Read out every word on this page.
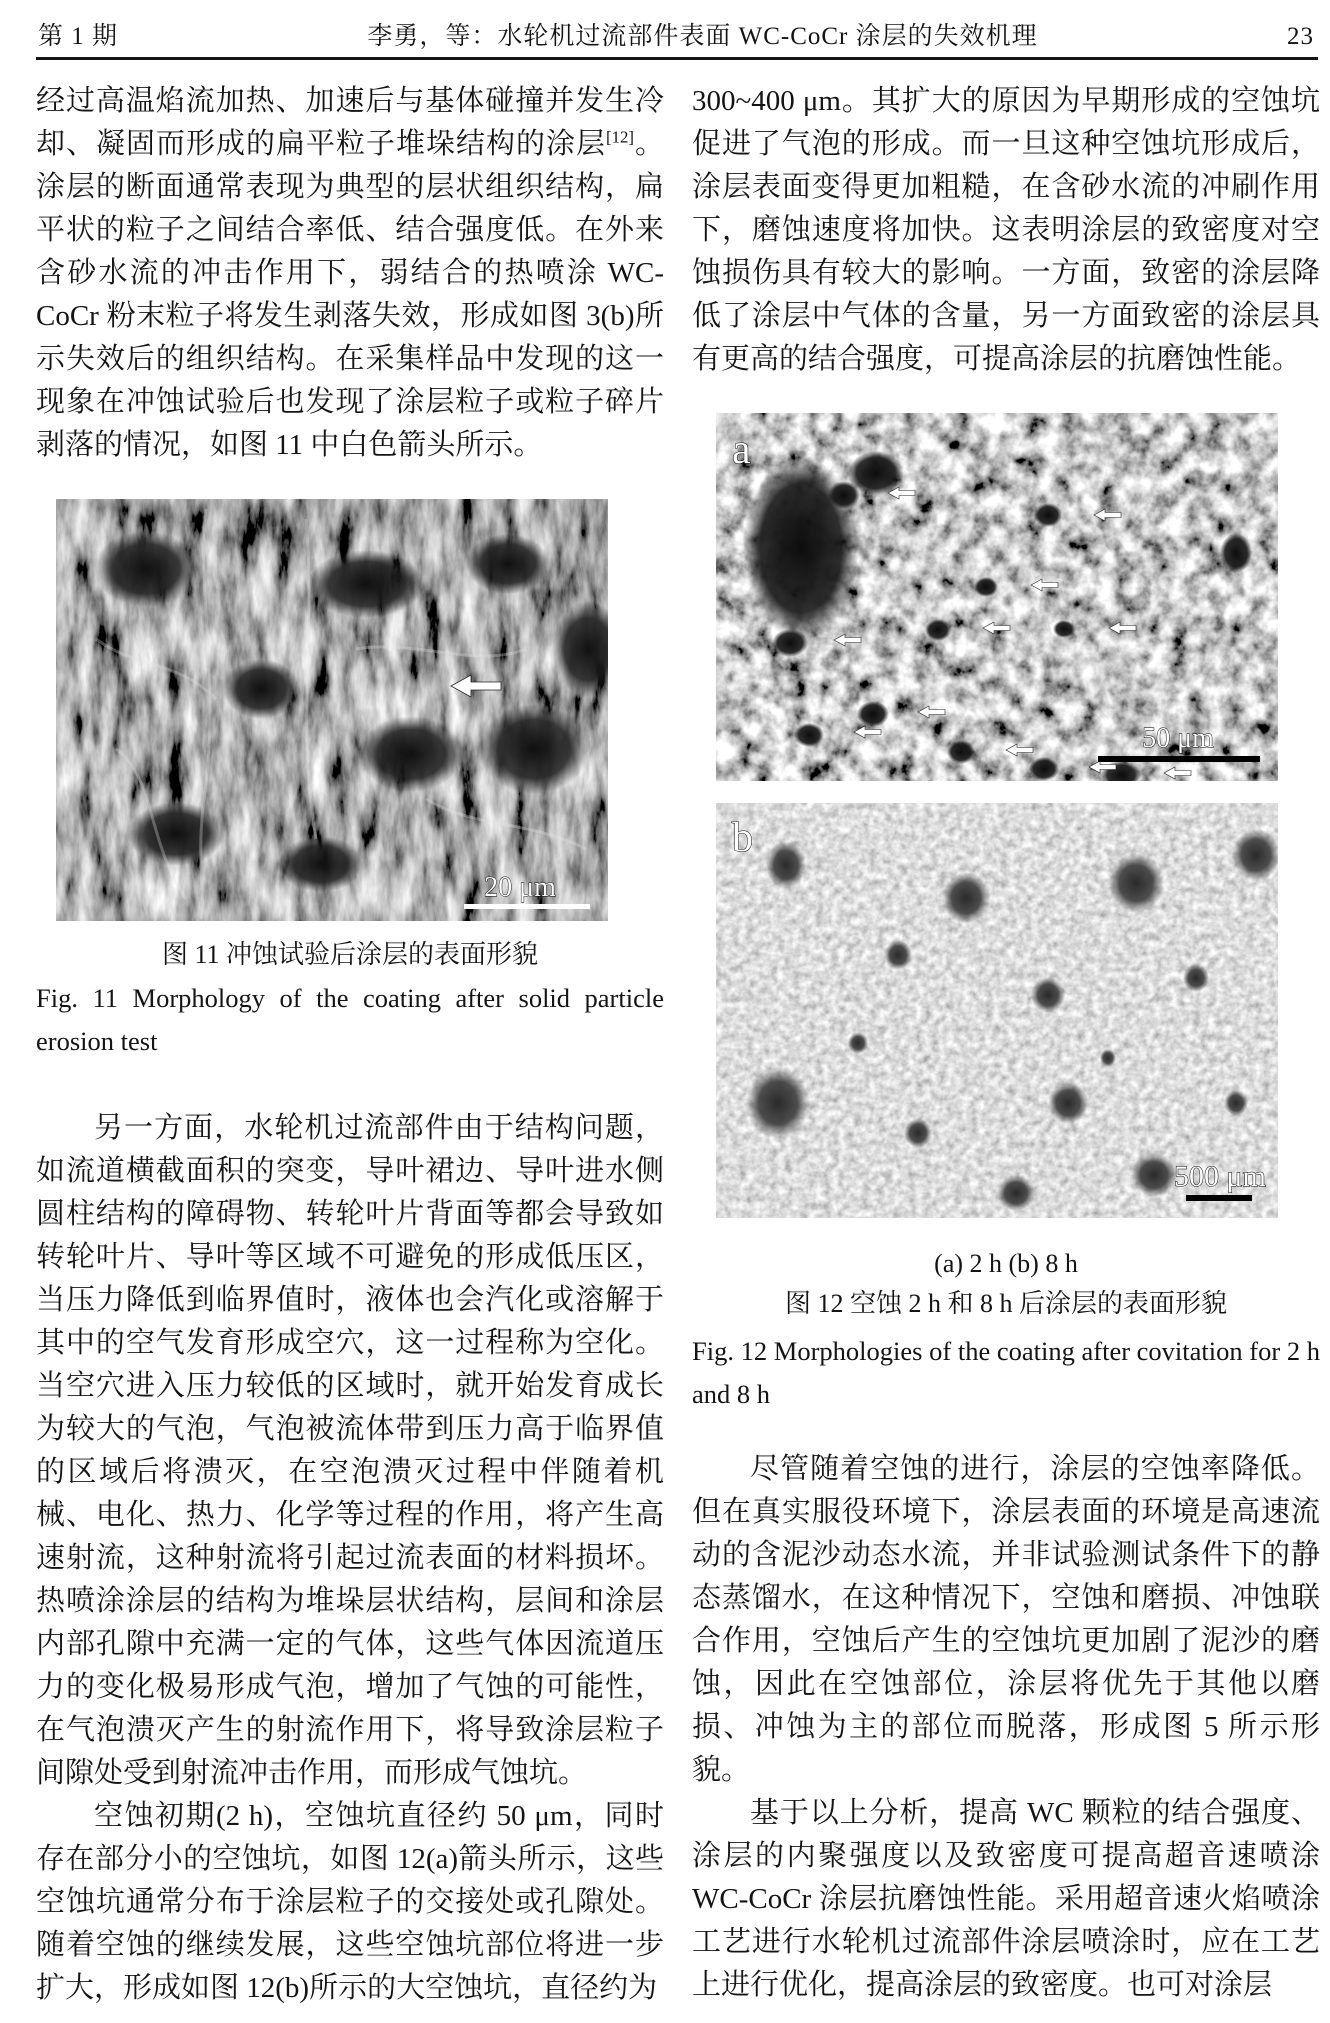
第 1 期	李勇，等：水轮机过流部件表面 WC-CoCr 涂层的失效机理	23

经过高温焰流加热、加速后与基体碰撞并发生冷却、凝固而形成的扁平粒子堆垛结构的涂层[12]。涂层的断面通常表现为典型的层状组织结构，扁平状的粒子之间结合率低、结合强度低。在外来含砂水流的冲击作用下，弱结合的热喷涂 WC-CoCr 粉末粒子将发生剥落失效，形成如图 3(b)所示失效后的组织结构。在采集样品中发现的这一现象在冲蚀试验后也发现了涂层粒子或粒子碎片剥落的情况，如图 11 中白色箭头所示。

20 μm

图 11 冲蚀试验后涂层的表面形貌

Fig. 11 Morphology of the coating after solid particle erosion test

另一方面，水轮机过流部件由于结构问题，如流道横截面积的突变，导叶裙边、导叶进水侧圆柱结构的障碍物、转轮叶片背面等都会导致如转轮叶片、导叶等区域不可避免的形成低压区，当压力降低到临界值时，液体也会汽化或溶解于其中的空气发育形成空穴，这一过程称为空化。当空穴进入压力较低的区域时，就开始发育成长为较大的气泡，气泡被流体带到压力高于临界值的区域后将溃灭，在空泡溃灭过程中伴随着机械、电化、热力、化学等过程的作用，将产生高速射流，这种射流将引起过流表面的材料损坏。热喷涂涂层的结构为堆垛层状结构，层间和涂层内部孔隙中充满一定的气体，这些气体因流道压力的变化极易形成气泡，增加了气蚀的可能性，在气泡溃灭产生的射流作用下，将导致涂层粒子间隙处受到射流冲击作用，而形成气蚀坑。

空蚀初期(2 h)，空蚀坑直径约 50 μm，同时存在部分小的空蚀坑，如图 12(a)箭头所示，这些空蚀坑通常分布于涂层粒子的交接处或孔隙处。随着空蚀的继续发展，这些空蚀坑部位将进一步扩大，形成如图 12(b)所示的大空蚀坑，直径约为

300~400 μm。其扩大的原因为早期形成的空蚀坑促进了气泡的形成。而一旦这种空蚀坑形成后，涂层表面变得更加粗糙，在含砂水流的冲刷作用下，磨蚀速度将加快。这表明涂层的致密度对空蚀损伤具有较大的影响。一方面，致密的涂层降低了涂层中气体的含量，另一方面致密的涂层具有更高的结合强度，可提高涂层的抗磨蚀性能。

a
50 μm
b
500 μm

(a) 2 h (b) 8 h

图 12 空蚀 2 h 和 8 h 后涂层的表面形貌

Fig. 12 Morphologies of the coating after covitation for 2 h and 8 h

尽管随着空蚀的进行，涂层的空蚀率降低。但在真实服役环境下，涂层表面的环境是高速流动的含泥沙动态水流，并非试验测试条件下的静态蒸馏水，在这种情况下，空蚀和磨损、冲蚀联合作用，空蚀后产生的空蚀坑更加剧了泥沙的磨蚀，因此在空蚀部位，涂层将优先于其他以磨损、冲蚀为主的部位而脱落，形成图 5 所示形貌。

基于以上分析，提高 WC 颗粒的结合强度、涂层的内聚强度以及致密度可提高超音速喷涂 WC-CoCr 涂层抗磨蚀性能。采用超音速火焰喷涂工艺进行水轮机过流部件涂层喷涂时，应在工艺上进行优化，提高涂层的致密度。也可对涂层
